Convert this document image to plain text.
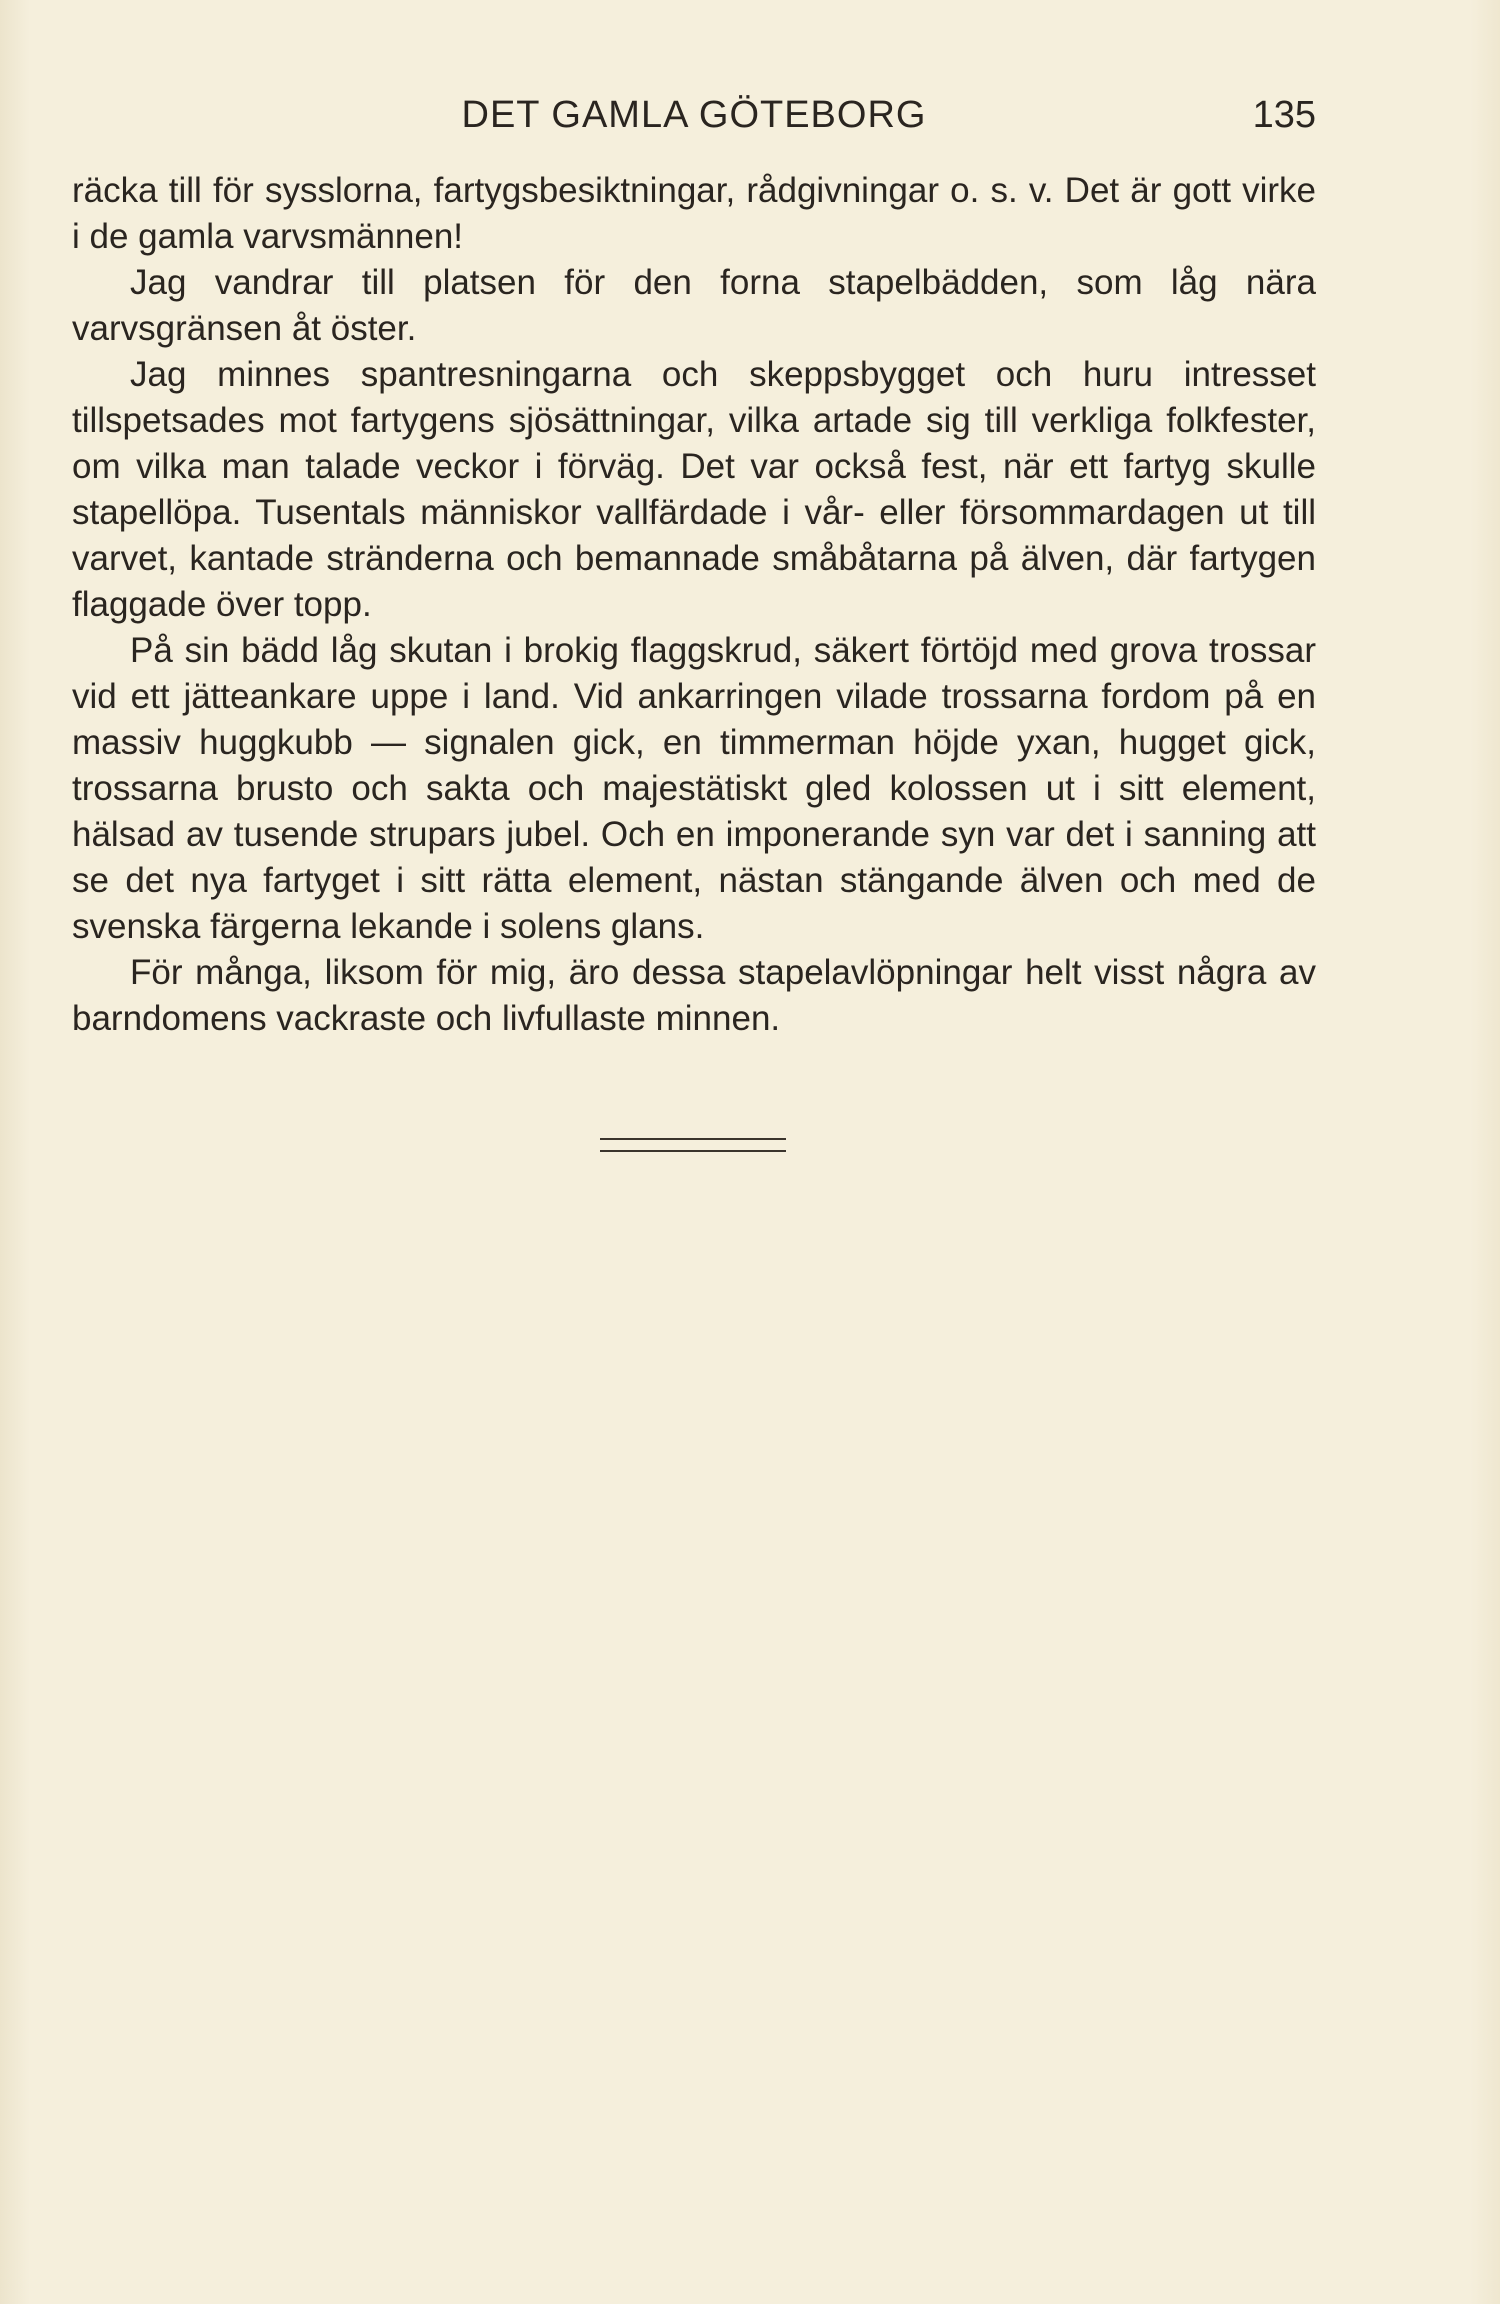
DET GAMLA GÖTEBORG	135

räcka till för sysslorna, fartygsbesiktningar, rådgivningar o. s. v. Det är gott virke i de gamla varvsmännen!

Jag vandrar till platsen för den forna stapelbädden, som låg nära varvsgränsen åt öster.

Jag minnes spantresningarna och skeppsbygget och huru intresset tillspetsades mot fartygens sjösättningar, vilka artade sig till verkliga folkfester, om vilka man talade veckor i förväg. Det var också fest, när ett fartyg skulle stapellöpa. Tusentals människor vallfärdade i vår- eller försommardagen ut till varvet, kantade stränderna och bemannade småbåtarna på älven, där fartygen flaggade över topp.

På sin bädd låg skutan i brokig flaggskrud, säkert förtöjd med grova trossar vid ett jätteankare uppe i land. Vid ankarringen vilade trossarna fordom på en massiv huggkubb — signalen gick, en timmerman höjde yxan, hugget gick, trossarna brusto och sakta och majestätiskt gled kolossen ut i sitt element, hälsad av tusende strupars jubel. Och en imponerande syn var det i sanning att se det nya fartyget i sitt rätta element, nästan stängande älven och med de svenska färgerna lekande i solens glans.

För många, liksom för mig, äro dessa stapelavlöpningar helt visst några av barndomens vackraste och livfullaste minnen.
